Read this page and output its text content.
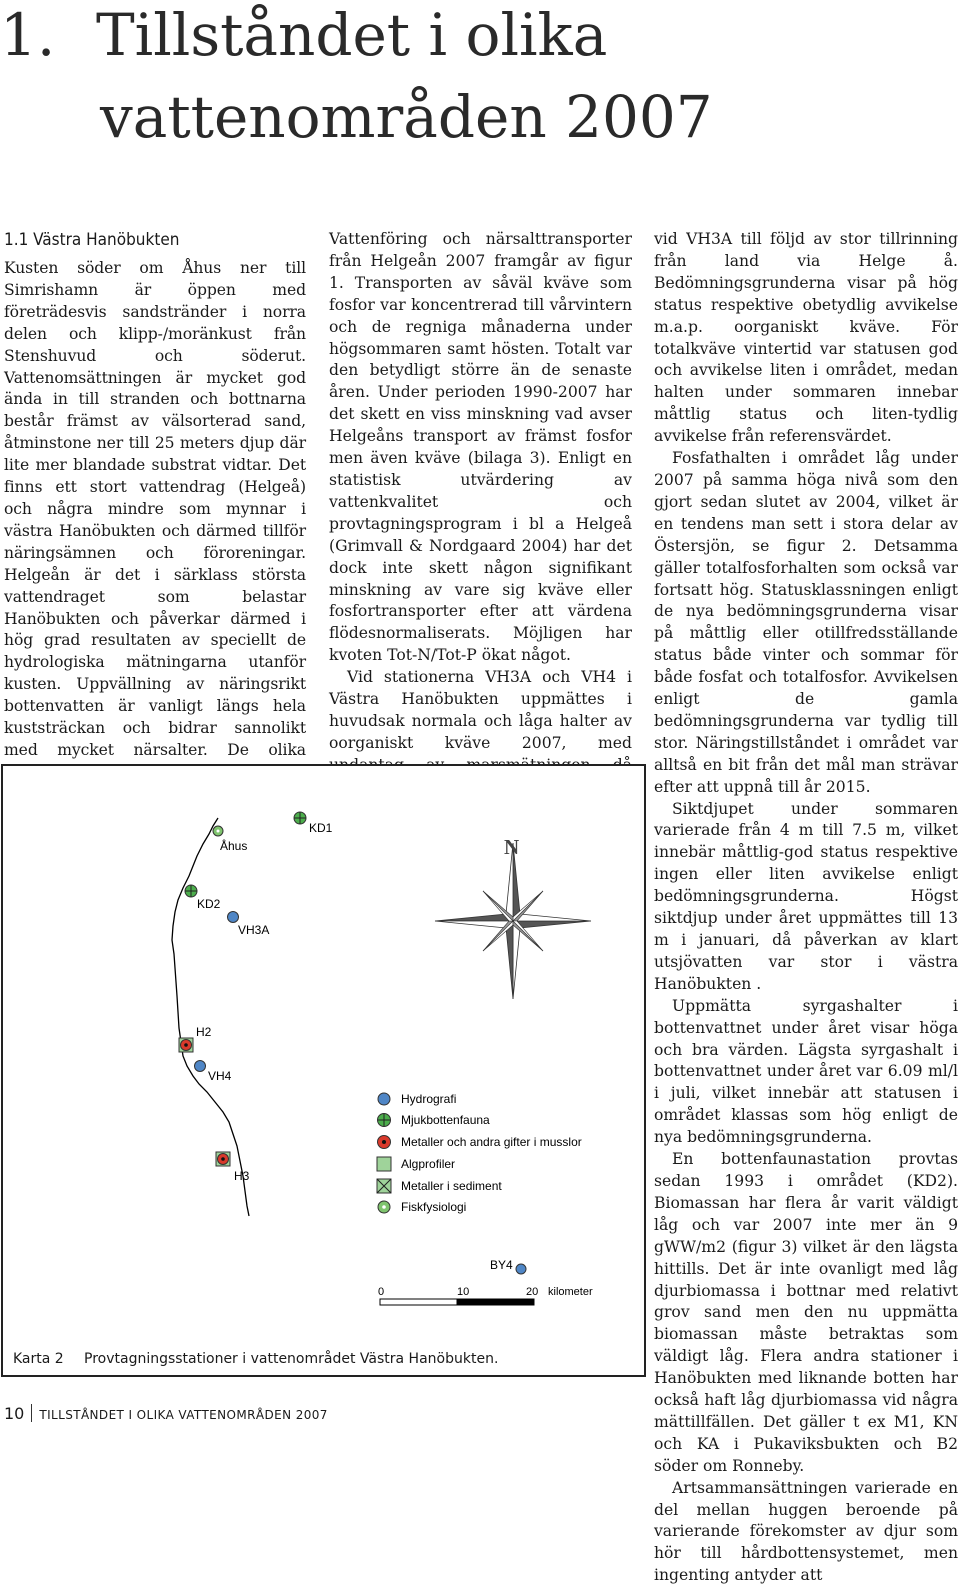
1. Tillståndet i olika
vattenområden 2007
1.1 Västra Hanöbukten

Kusten söder om Åhus ner till Simrishamn är öppen med företrädesvis sandstränder i norra delen och klipp-/moränkust från Stenshuvud och söderut. Vattenomsättningen är mycket god ända in till stranden och bottnarna består främst av välsorterad sand, åtminstone ner till 25 meters djup där lite mer blandade substrat vidtar. Det finns ett stort vattendrag (Helgeå) och några mindre som mynnar i västra Hanöbukten och därmed tillför näringsämnen och föroreningar. Helgeån är det i särklass största vattendraget som belastar Hanöbukten och påverkar därmed i hög grad resultaten av speciellt de hydrologiska mätningarna utanför kusten. Uppvällning av näringsrikt bottenvatten är vanligt längs hela kuststräckan och bidrar sannolikt med mycket närsalter. De olika

Vattenföring och närsalttransporter från Helgeån 2007 framgår av figur 1. Transporten av såväl kväve som fosfor var koncentrerad till vårvintern och de regniga månaderna under högsommaren samt hösten. Totalt var den betydligt större än de senaste åren. Under perioden 1990-2007 har det skett en viss minskning vad avser Helgeåns transport av främst fosfor men även kväve (bilaga 3). Enligt en statistisk utvärdering av vattenkvalitet och provtagningsprogram i bl a Helgeå (Grimvall & Nordgaard 2004) har det dock inte skett någon signifikant minskning av vare sig kväve eller fosfortransporter efter att värdena flödesnormaliserats. Möjligen har kvoten Tot-N/Tot-P ökat något.

Vid stationerna VH3A och VH4 i Västra Hanöbukten uppmättes i huvudsak normala och låga halter av oorganiskt kväve 2007, med

vid VH3A till följd av stor tillrinning från land via Helge å. Bedömningsgrunderna visar på hög status respektive obetydlig avvikelse m.a.p. oorganiskt kväve. För totalkväve vintertid var statusen god och avvikelse liten i området, medan halten under sommaren innebar måttlig status och liten-tydlig avvikelse från referensvärdet.

Fosfathalten i området låg under 2007 på samma höga nivå som den gjort sedan slutet av 2004, vilket är en tendens man sett i stora delar av Östersjön, se figur 2. Detsamma gäller totalfosforhalten som också var fortsatt hög. Statusklassningen enligt de nya bedömningsgrunderna visar på måttlig eller otillfredsställande status både vinter och sommar för både fosfat och totalfosfor. Avvikelsen enligt de gamla bedömningsgrunderna var tydlig till stor. Näringstillståndet i området var alltså en bit från det mål man strävar efter att uppnå till år 2015.

Siktdjupet under sommaren varierade från 4 m till 7.5 m, vilket innebär måttlig-god status respektive ingen eller liten avvikelse enligt bedömningsgrunderna. Högst siktdjup under året uppmättes till 13 m i januari, då påverkan av klart utsjövatten var stor i västra Hanöbukten .

Uppmätta syrgashalter i bottenvattnet under året visar höga och bra värden. Lägsta syrgashalt i bottenvattnet under året var 6.09 ml/l i juli, vilket innebär att statusen i området klassas som hög enligt de nya bedömningsgrunderna.

En bottenfaunastation provtas sedan 1993 i området (KD2). Biomassan har flera år varit väldigt låg och var 2007 inte mer än 9 gWW/m2 (figur 3) vilket är den lägsta hittills. Det är inte ovanligt med låg djurbiomassa i bottnar med relativt grov sand men den nu uppmätta biomassan måste betraktas som väldigt låg. Flera andra stationer i Hanöbukten med liknande botten har också haft låg djurbiomassa vid några mättillfällen. Det gäller t ex M1, KN och KA i Pukaviksbukten och B2 söder om Ronneby.

Artsammansättningen varierade en del mellan huggen beroende på varierande förekomster av djur som hör till hårdbottensystemet, men ingenting antyder att

Åhus
KD1
KD2
VH3A
H2
VH4
H3
N
Hydrografi
Mjukbottenfauna
Metaller och andra gifter i musslor
Algprofiler
Metaller i sediment
Fiskfysiologi
BY4
0	10	20 kilometer
Karta 2 Provtagningsstationer i vattenområdet Västra Hanöbukten.
10 TILLSTÅNDET I OLIKA VATTENOMRÅDEN 2007
